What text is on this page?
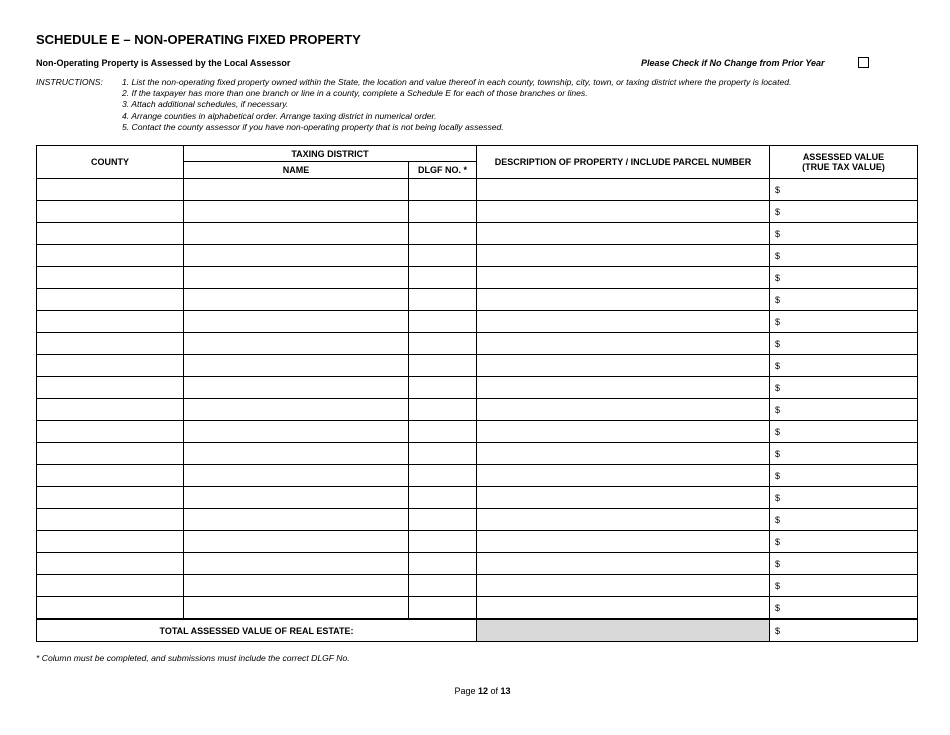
SCHEDULE E – NON-OPERATING FIXED PROPERTY
Non-Operating Property is Assessed by the Local Assessor	Please Check if No Change from Prior Year
INSTRUCTIONS:	1. List the non-operating fixed property owned within the State, the location and value thereof in each county, township, city, town, or taxing district where the property is located.
2. If the taxpayer has more than one branch or line in a county, complete a Schedule E for each of those branches or lines.
3. Attach additional schedules, if necessary.
4. Arrange counties in alphabetical order. Arrange taxing district in numerical order.
5. Contact the county assessor if you have non-operating property that is not being locally assessed.
COUNTY	TAXING DISTRICT		DESCRIPTION OF PROPERTY / INCLUDE PARCEL NUMBER	ASSESSED VALUE
(TRUE TAX VALUE)
	NAME	DLGF NO. *		
				$
				$
				$
				$
				$
				$
				$
				$
				$
				$
				$
				$
				$
				$
				$
				$
				$
				$
				$
				$
TOTAL ASSESSED VALUE OF REAL ESTATE:				$
* Column must be completed, and submissions must include the correct DLGF No.
Page 12 of 13
